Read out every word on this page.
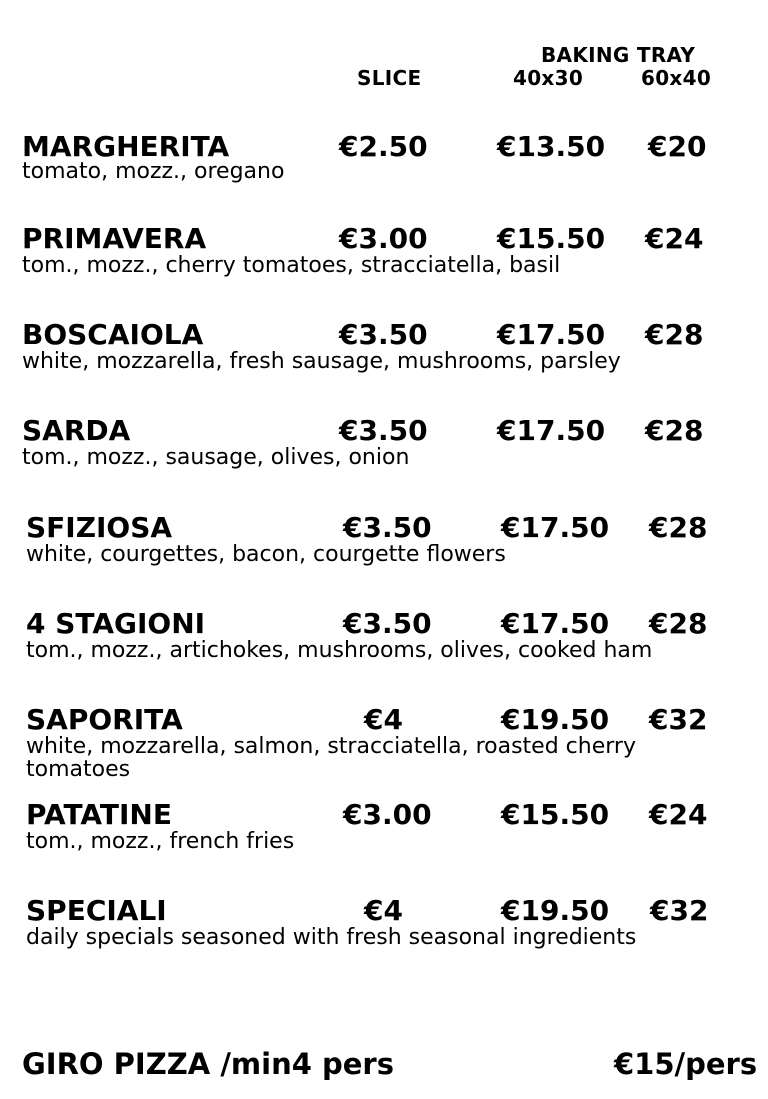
BAKING TRAY
SLICE	40x30	60x40
MARGHERITA	€2.50 €13.50 €20
tomato, mozz., oregano
PRIMAVERA	€3.00 €15.50 €24
tom., mozz., cherry tomatoes, stracciatella, basil
BOSCAIOLA	€3.50 €17.50 €28
white, mozzarella, fresh sausage, mushrooms, parsley
SARDA	€3.50 €17.50 €28
tom., mozz., sausage, olives, onion
SFIZIOSA	€3.50 €17.50 €28
white, courgettes, bacon, courgette flowers
4 STAGIONI	€3.50 €17.50 €28
tom., mozz., artichokes, mushrooms, olives, cooked ham
SAPORITA	€4	€19.50 €32
white, mozzarella, salmon, stracciatella, roasted cherry tomatoes
PATATINE	€3.00 €15.50 €24
tom., mozz., french fries
SPECIALI	€4	€19.50 €32
daily specials seasoned with fresh seasonal ingredients
GIRO PIZZA /min4 pers	€15/pers
